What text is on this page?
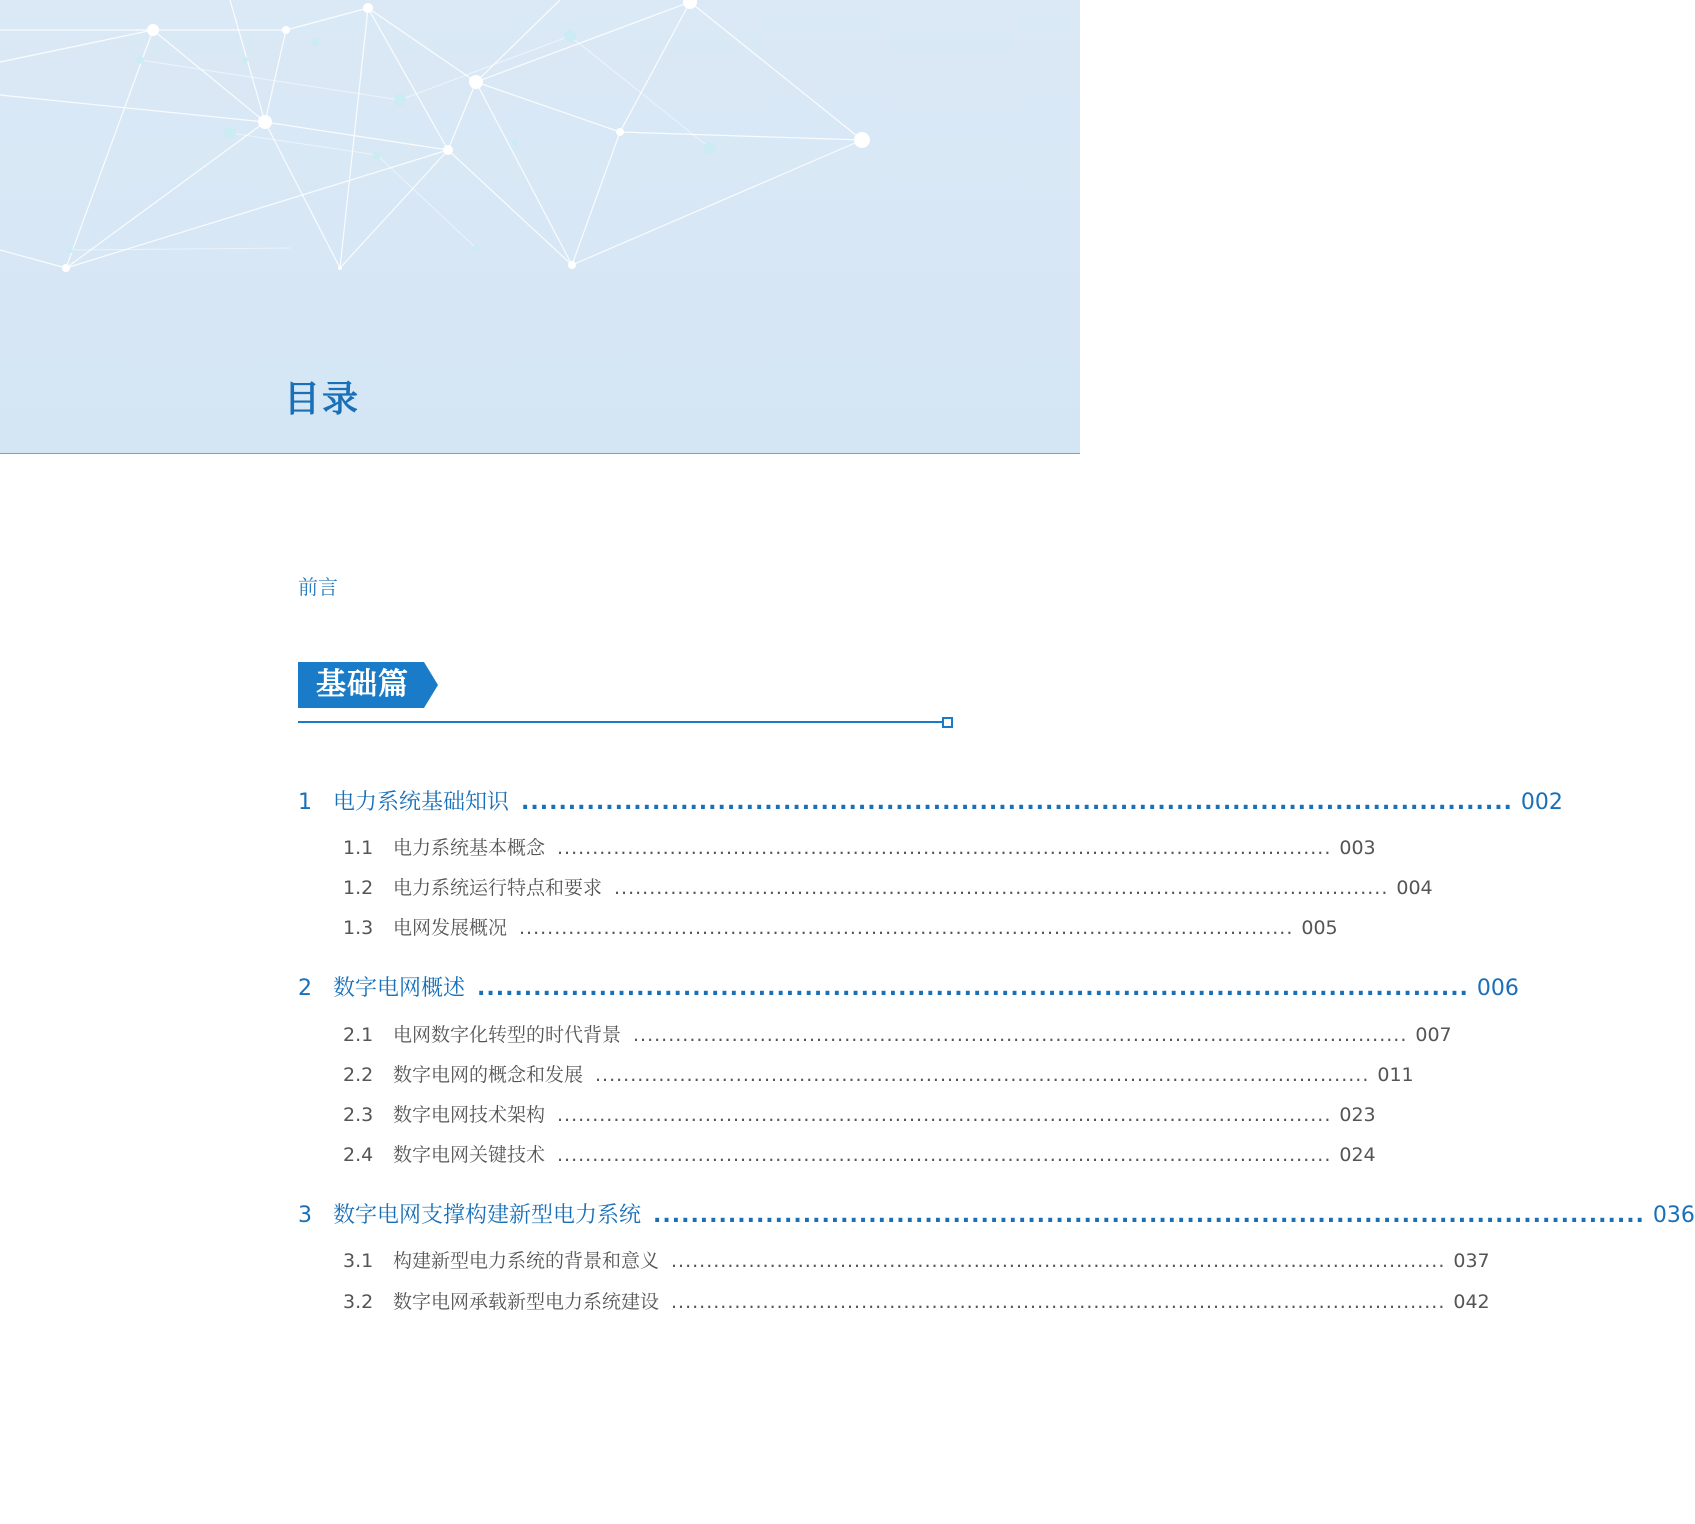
目录
前言
基础篇
1 电力系统基础知识 .......................................................................................................... 002
1.1	电力系统基本概念 .............................................................................................................. 003
1.2	电力系统运行特点和要求 .............................................................................................................. 004
1.3	电网发展概况 .............................................................................................................. 005
2 数字电网概述 .......................................................................................................... 006
2.1	电网数字化转型的时代背景 .............................................................................................................. 007
2.2	数字电网的概念和发展 .............................................................................................................. 011
2.3	数字电网技术架构 .............................................................................................................. 023
2.4	数字电网关键技术 .............................................................................................................. 024
3 数字电网支撑构建新型电力系统 .......................................................................................................... 036
3.1	构建新型电力系统的背景和意义 .............................................................................................................. 037
3.2	数字电网承载新型电力系统建设 .............................................................................................................. 042
